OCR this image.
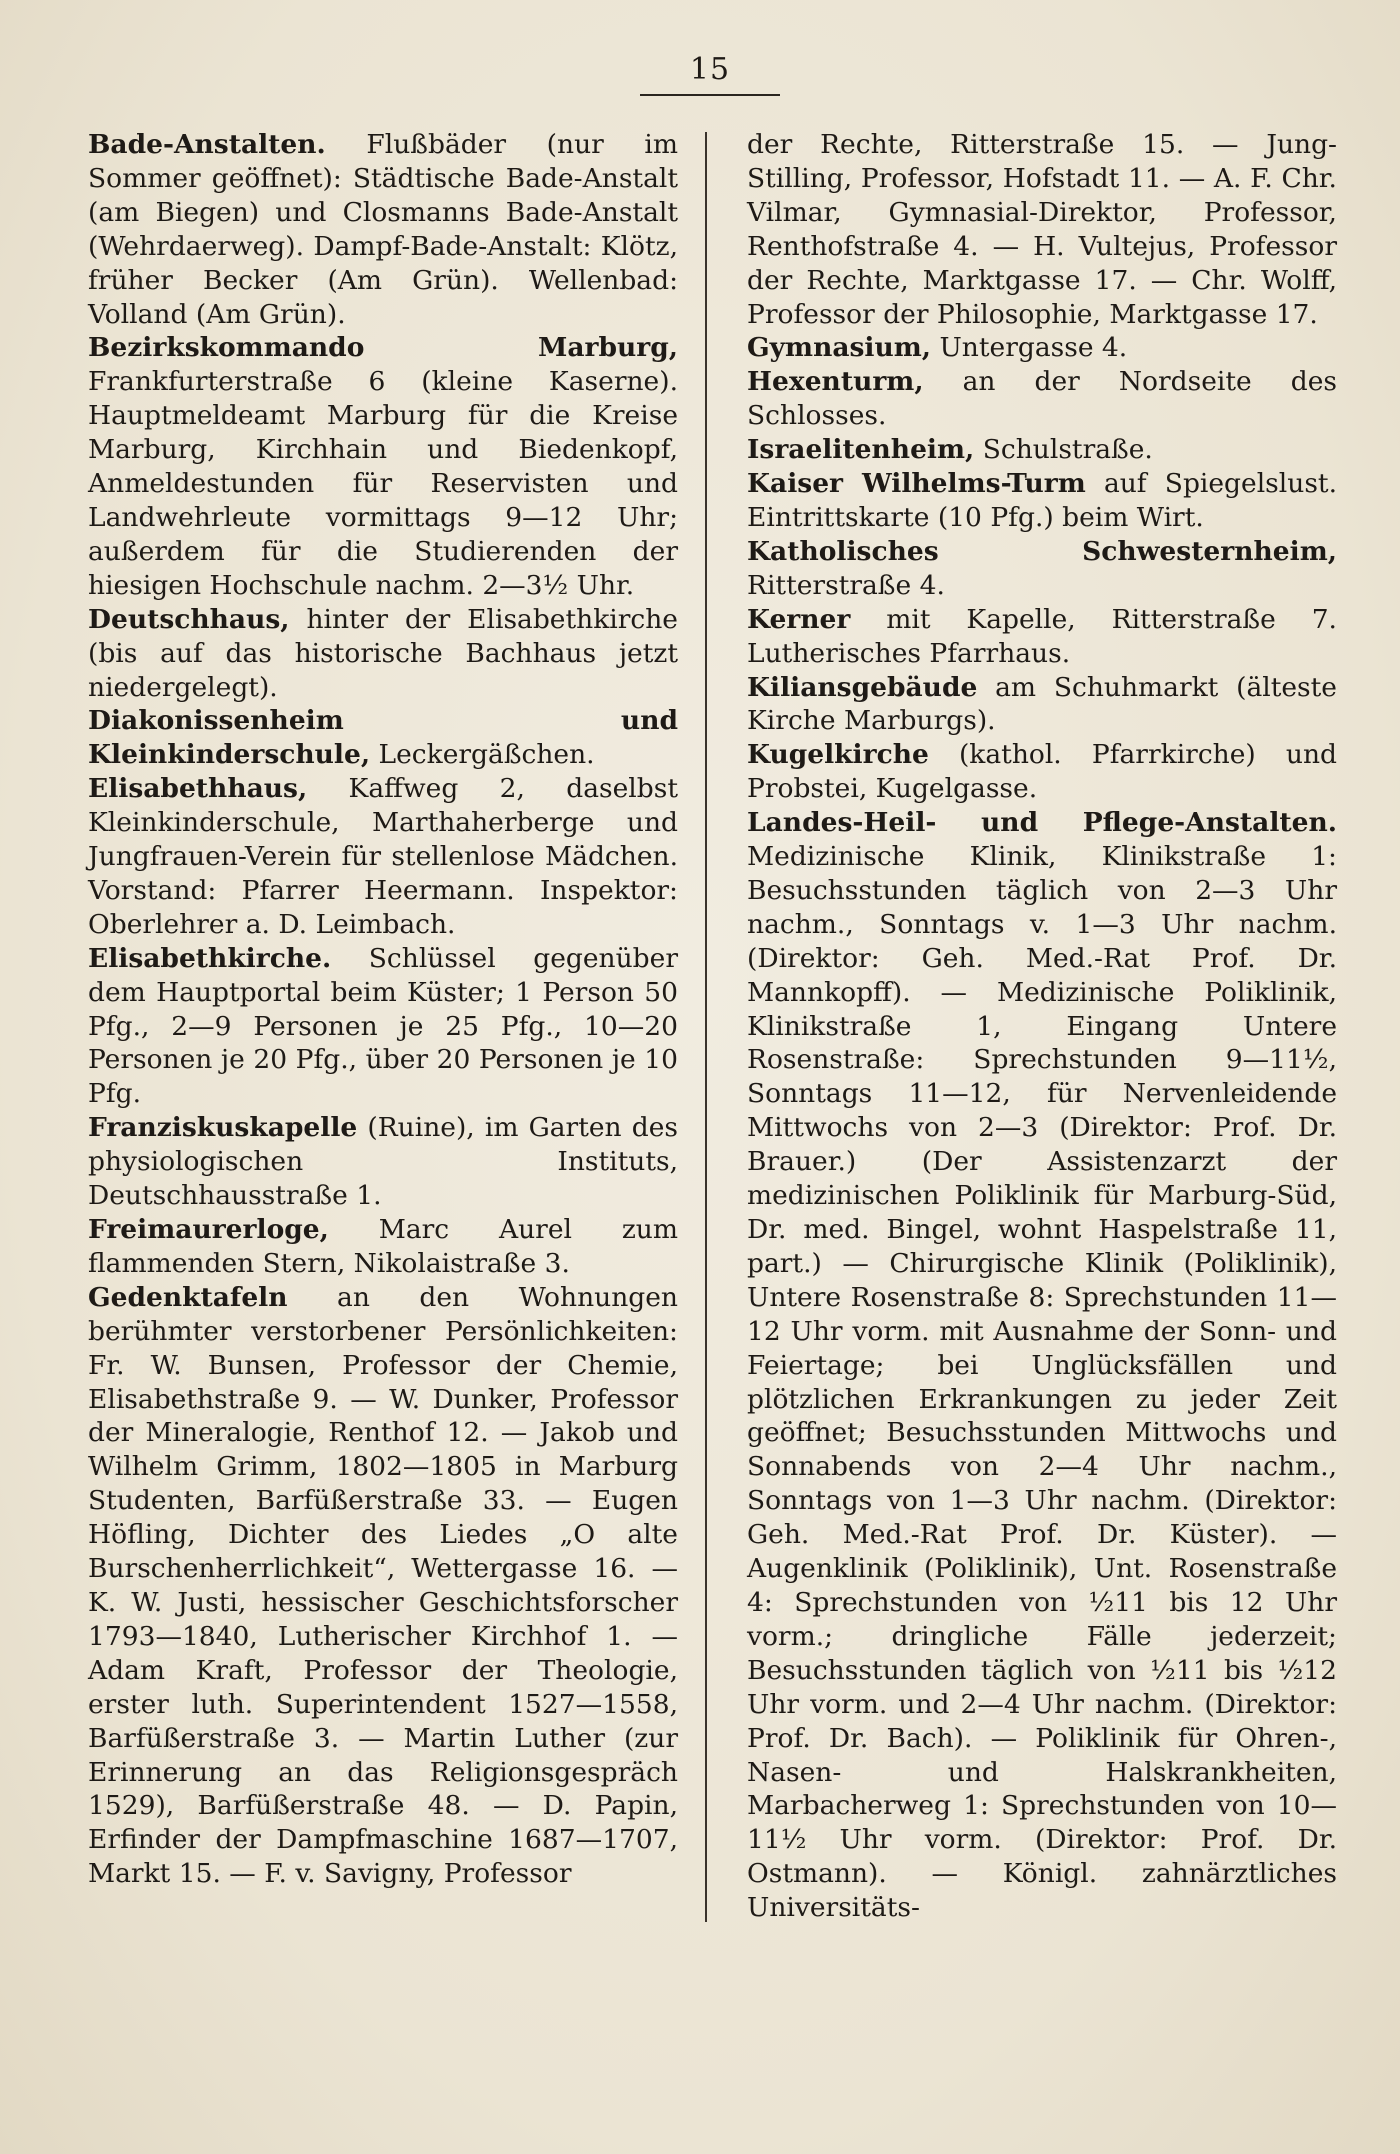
15

Bade-Anstalten. Flußbäder (nur im Sommer geöffnet): Städtische Bade-Anstalt (am Biegen) und Closmanns Bade-Anstalt (Wehrdaerweg). Dampf-Bade-Anstalt: Klötz, früher Becker (Am Grün). Wellenbad: Volland (Am Grün).

Bezirkskommando Marburg, Frankfurterstraße 6 (kleine Kaserne). Hauptmeldeamt Marburg für die Kreise Marburg, Kirchhain und Biedenkopf, Anmeldestunden für Reservisten und Landwehrleute vormittags 9—12 Uhr; außerdem für die Studierenden der hiesigen Hochschule nachm. 2—3½ Uhr.

Deutschhaus, hinter der Elisabethkirche (bis auf das historische Bachhaus jetzt niedergelegt).

Diakonissenheim und Kleinkinderschule, Leckergäßchen.

Elisabethhaus, Kaffweg 2, daselbst Kleinkinderschule, Marthaherberge und Jungfrauen-Verein für stellenlose Mädchen. Vorstand: Pfarrer Heermann. Inspektor: Oberlehrer a. D. Leimbach.

Elisabethkirche. Schlüssel gegenüber dem Hauptportal beim Küster; 1 Person 50 Pfg., 2—9 Personen je 25 Pfg., 10—20 Personen je 20 Pfg., über 20 Personen je 10 Pfg.

Franziskuskapelle (Ruine), im Garten des physiologischen Instituts, Deutschhausstraße 1.

Freimaurerloge, Marc Aurel zum flammenden Stern, Nikolaistraße 3.

Gedenktafeln an den Wohnungen berühmter verstorbener Persönlichkeiten: Fr. W. Bunsen, Professor der Chemie, Elisabethstraße 9. — W. Dunker, Professor der Mineralogie, Renthof 12. — Jakob und Wilhelm Grimm, 1802—1805 in Marburg Studenten, Barfüßerstraße 33. — Eugen Höfling, Dichter des Liedes „O alte Burschenherrlichkeit“, Wettergasse 16. — K. W. Justi, hessischer Geschichtsforscher 1793—1840, Lutherischer Kirchhof 1. — Adam Kraft, Professor der Theologie, erster luth. Superintendent 1527—1558, Barfüßerstraße 3. — Martin Luther (zur Erinnerung an das Religionsgespräch 1529), Barfüßerstraße 48. — D. Papin, Erfinder der Dampfmaschine 1687—1707, Markt 15. — F. v. Savigny, Professor

der Rechte, Ritterstraße 15. — Jung-Stilling, Professor, Hofstadt 11. — A. F. Chr. Vilmar, Gymnasial-Direktor, Professor, Renthofstraße 4. — H. Vultejus, Professor der Rechte, Marktgasse 17. — Chr. Wolff, Professor der Philosophie, Marktgasse 17.

Gymnasium, Untergasse 4.

Hexenturm, an der Nordseite des Schlosses.

Israelitenheim, Schulstraße.

Kaiser Wilhelms-Turm auf Spiegelslust. Eintrittskarte (10 Pfg.) beim Wirt.

Katholisches Schwesternheim, Ritterstraße 4.

Kerner mit Kapelle, Ritterstraße 7. Lutherisches Pfarrhaus.

Kiliansgebäude am Schuhmarkt (älteste Kirche Marburgs).

Kugelkirche (kathol. Pfarrkirche) und Probstei, Kugelgasse.

Landes-Heil- und Pflege-Anstalten. Medizinische Klinik, Klinikstraße 1: Besuchsstunden täglich von 2—3 Uhr nachm., Sonntags v. 1—3 Uhr nachm. (Direktor: Geh. Med.-Rat Prof. Dr. Mannkopff). — Medizinische Poliklinik, Klinikstraße 1, Eingang Untere Rosenstraße: Sprechstunden 9—11½, Sonntags 11—12, für Nervenleidende Mittwochs von 2—3 (Direktor: Prof. Dr. Brauer.) (Der Assistenzarzt der medizinischen Poliklinik für Marburg-Süd, Dr. med. Bingel, wohnt Haspelstraße 11, part.) — Chirurgische Klinik (Poliklinik), Untere Rosenstraße 8: Sprechstunden 11—12 Uhr vorm. mit Ausnahme der Sonn- und Feiertage; bei Unglücksfällen und plötzlichen Erkrankungen zu jeder Zeit geöffnet; Besuchsstunden Mittwochs und Sonnabends von 2—4 Uhr nachm., Sonntags von 1—3 Uhr nachm. (Direktor: Geh. Med.-Rat Prof. Dr. Küster). — Augenklinik (Poliklinik), Unt. Rosenstraße 4: Sprechstunden von ½11 bis 12 Uhr vorm.; dringliche Fälle jederzeit; Besuchsstunden täglich von ½11 bis ½12 Uhr vorm. und 2—4 Uhr nachm. (Direktor: Prof. Dr. Bach). — Poliklinik für Ohren-, Nasen- und Halskrankheiten, Marbacherweg 1: Sprechstunden von 10—11½ Uhr vorm. (Direktor: Prof. Dr. Ostmann). — Königl. zahnärztliches Universitäts-
